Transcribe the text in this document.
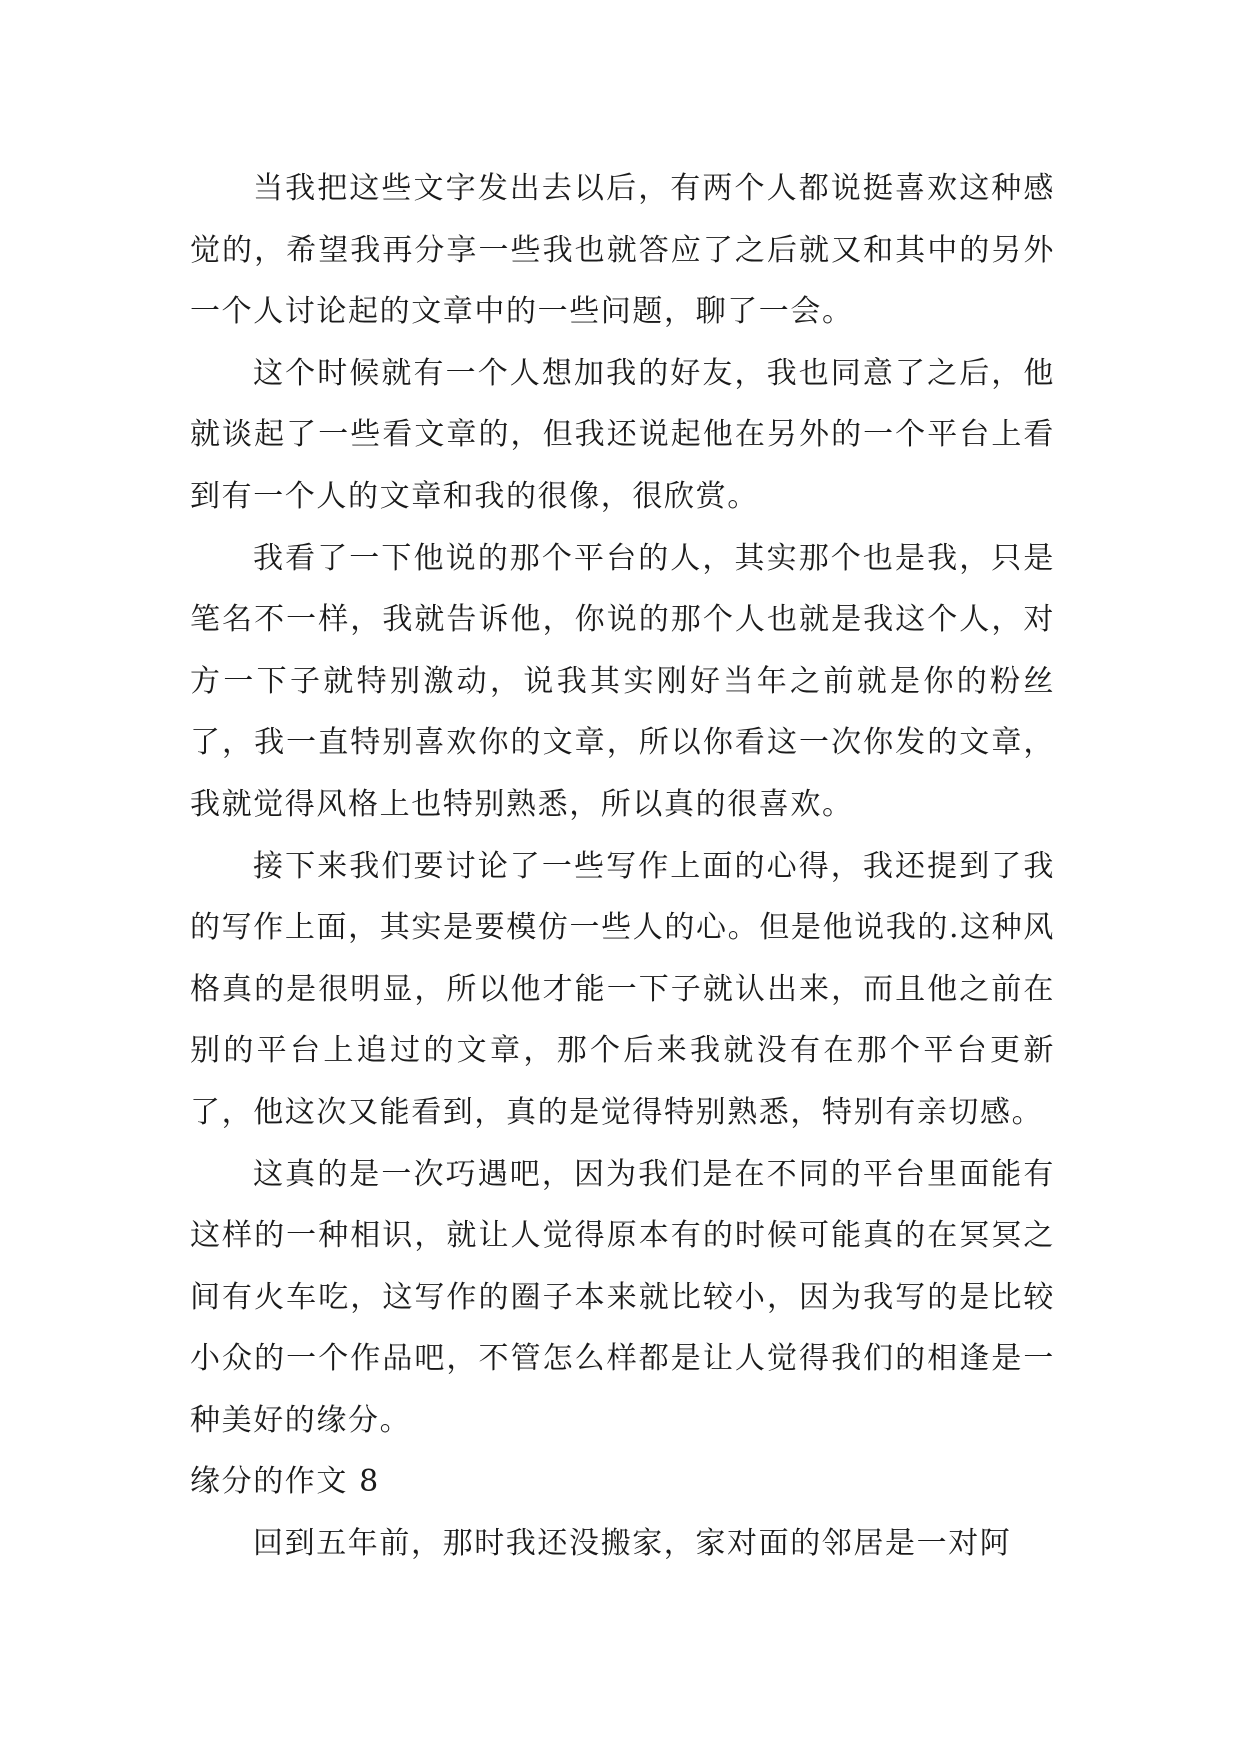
当我把这些文字发出去以后，有两个人都说挺喜欢这种感觉的，希望我再分享一些我也就答应了之后就又和其中的另外一个人讨论起的文章中的一些问题，聊了一会。

这个时候就有一个人想加我的好友，我也同意了之后，他就谈起了一些看文章的，但我还说起他在另外的一个平台上看到有一个人的文章和我的很像，很欣赏。

我看了一下他说的那个平台的人，其实那个也是我，只是笔名不一样，我就告诉他，你说的那个人也就是我这个人，对方一下子就特别激动，说我其实刚好当年之前就是你的粉丝了，我一直特别喜欢你的文章，所以你看这一次你发的文章，我就觉得风格上也特别熟悉，所以真的很喜欢。

接下来我们要讨论了一些写作上面的心得，我还提到了我的写作上面，其实是要模仿一些人的心。但是他说我的.这种风格真的是很明显，所以他才能一下子就认出来，而且他之前在别的平台上追过的文章，那个后来我就没有在那个平台更新了，他这次又能看到，真的是觉得特别熟悉，特别有亲切感。

这真的是一次巧遇吧，因为我们是在不同的平台里面能有这样的一种相识，就让人觉得原本有的时候可能真的在冥冥之间有火车吃，这写作的圈子本来就比较小，因为我写的是比较小众的一个作品吧，不管怎么样都是让人觉得我们的相逢是一种美好的缘分。

缘分的作文 8

回到五年前，那时我还没搬家，家对面的邻居是一对阿
